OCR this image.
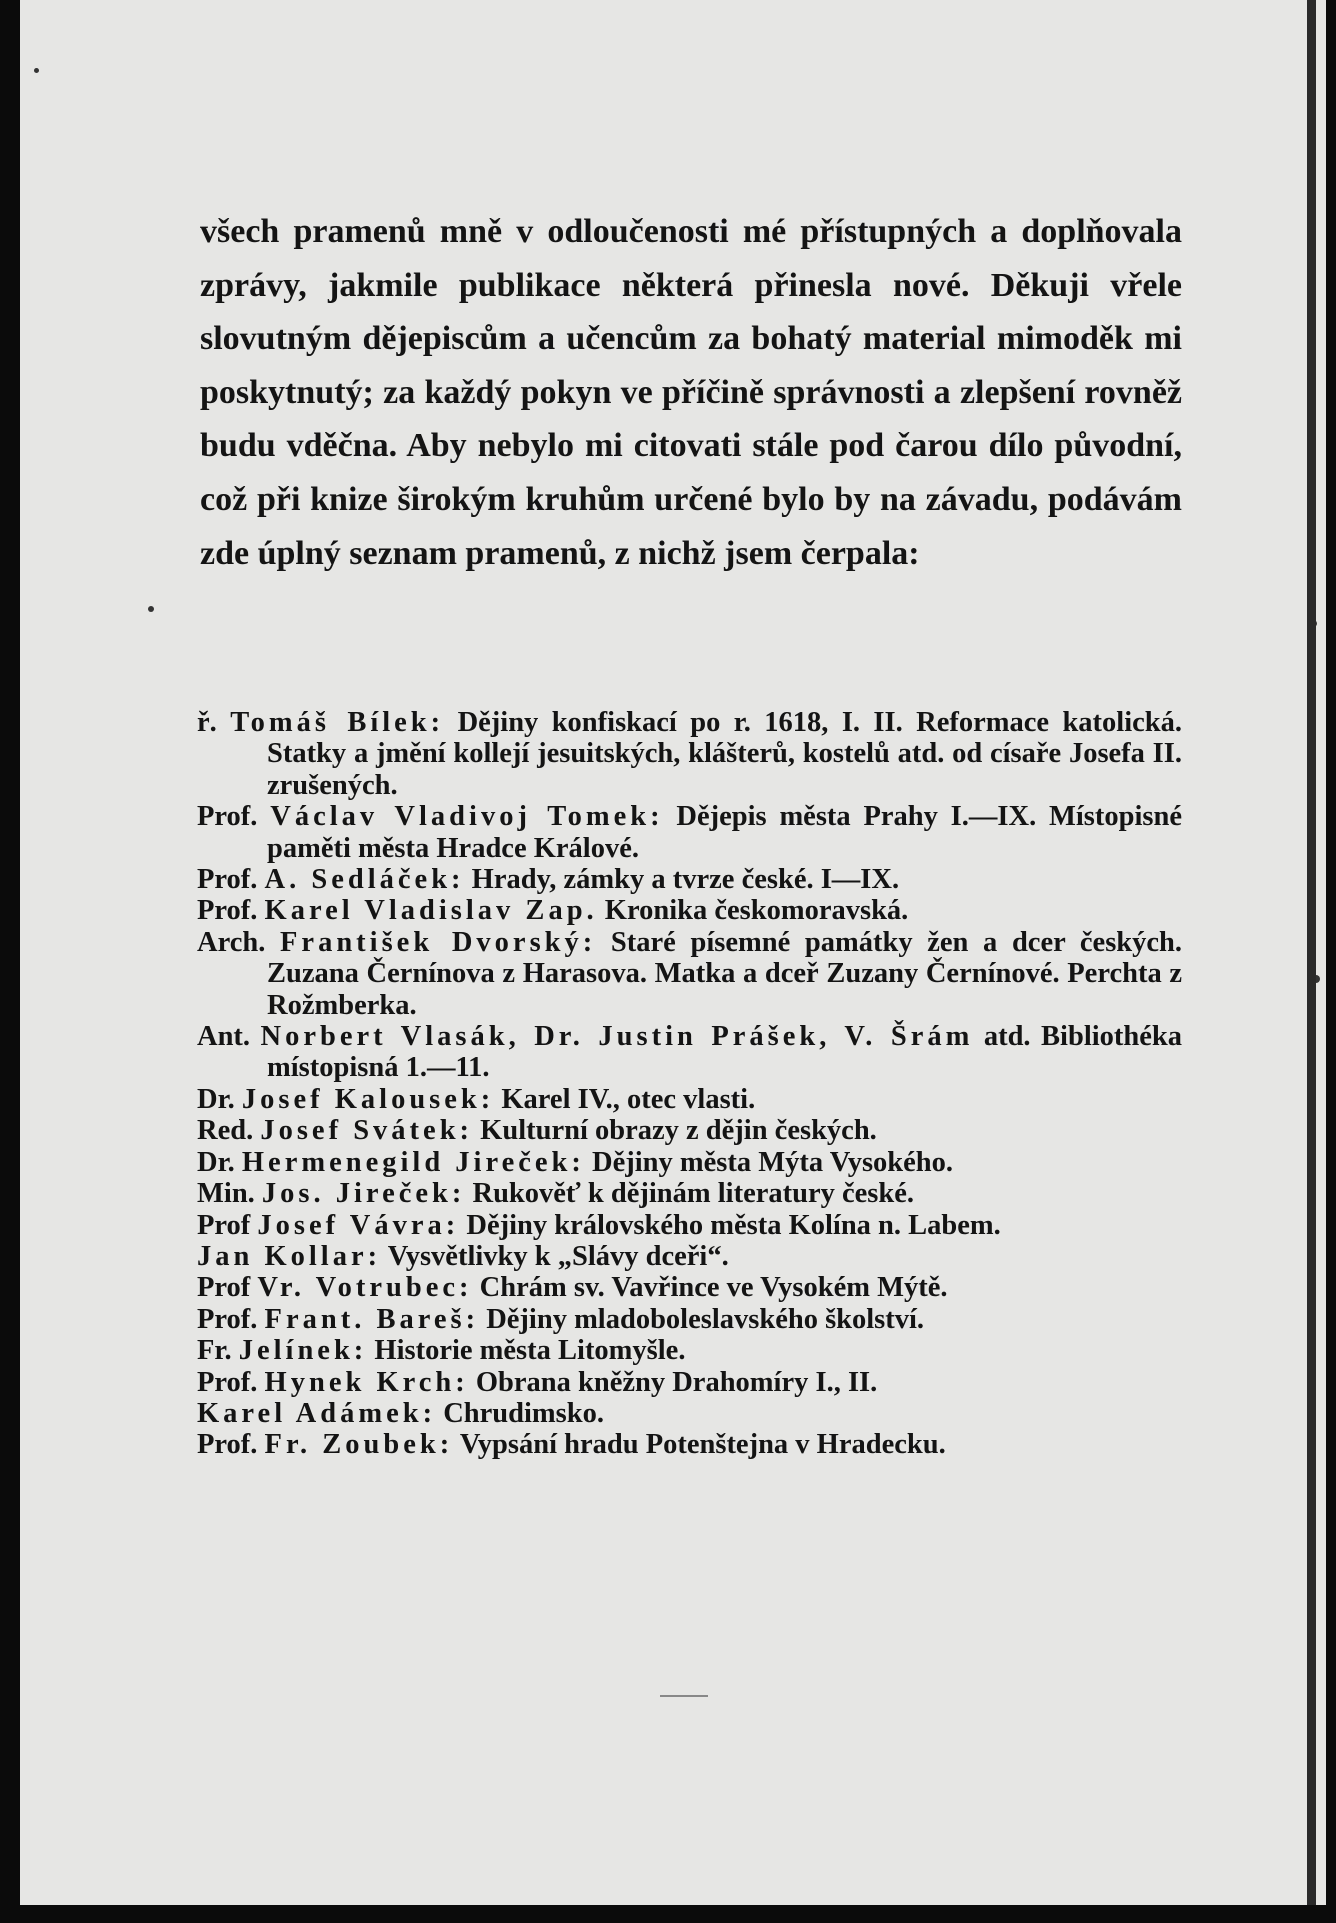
všech pramenů mně v odloučenosti mé přístupných a doplňovala zprávy, jakmile publikace některá přinesla nové. Děkuji vřele slovutným dějepiscům a učencům za bohatý material mimoděk mi poskytnutý; za každý pokyn ve příčině správnosti a zlepšení rovněž budu vděčna. Aby nebylo mi citovati stále pod čarou dílo původní, což při knize širokým kruhům určené bylo by na závadu, podávám zde úplný seznam pramenů, z nichž jsem čerpala:

ř. Tomáš Bílek: Dějiny konfiskací po r. 1618, I. II. Reformace katolická. Statky a jmění kollejí jesuitských, klášterů, kostelů atd. od císaře Josefa II. zrušených.
Prof. Václav Vladivoj Tomek: Dějepis města Prahy I.—IX. Místopisné paměti města Hradce Králové.
Prof. A. Sedláček: Hrady, zámky a tvrze české. I—IX.
Prof. Karel Vladislav Zap. Kronika českomoravská.
Arch. František Dvorský: Staré písemné památky žen a dcer českých. Zuzana Černínova z Harasova. Matka a dceř Zuzany Černínové. Perchta z Rožmberka.
Ant. Norbert Vlasák, Dr. Justin Prášek, V. Šrám atd. Bibliothéka místopisná 1.—11.
Dr. Josef Kalousek: Karel IV., otec vlasti.
Red. Josef Svátek: Kulturní obrazy z dějin českých.
Dr. Hermenegild Jireček: Dějiny města Mýta Vysokého.
Min. Jos. Jireček: Rukověť k dějinám literatury české.
Prof Josef Vávra: Dějiny královského města Kolína n. Labem.
Jan Kollar: Vysvětlivky k „Slávy dceři“.
Prof Vr. Votrubec: Chrám sv. Vavřince ve Vysokém Mýtě.
Prof. Frant. Bareš: Dějiny mladoboleslavského školství.
Fr. Jelínek: Historie města Litomyšle.
Prof. Hynek Krch: Obrana kněžny Drahomíry I., II.
Karel Adámek: Chrudimsko.
Prof. Fr. Zoubek: Vypsání hradu Potenštejna v Hradecku.
